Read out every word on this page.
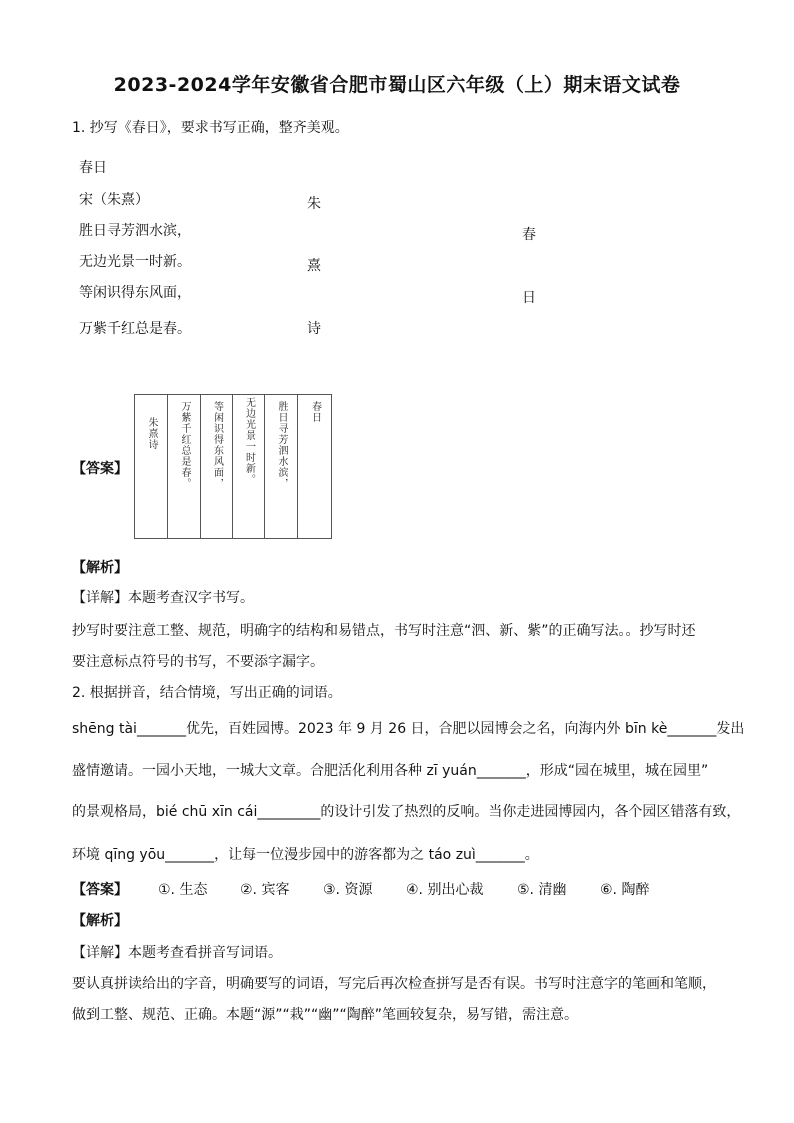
2023-2024学年安徽省合肥市蜀山区六年级（上）期末语文试卷
1. 抄写《春日》，要求书写正确，整齐美观。
春日
宋（朱熹）
胜日寻芳泗水滨，
无边光景一时新。
等闲识得东风面，
万紫千红总是春。
朱
熹
诗
春
日
【答案】
朱熹诗 万紫千红总是春。 等闲识得东风面， 无边光景一时新。 胜日寻芳泗水滨， 春日
【解析】
【详解】本题考查汉字书写。
抄写时要注意工整、规范，明确字的结构和易错点，书写时注意“泗、新、紫”的正确写法。。抄写时还
要注意标点符号的书写，不要添字漏字。
2. 根据拼音，结合情境，写出正确的词语。
shēng tài_______优先，百姓园博。2023 年 9 月 26 日，合肥以园博会之名，向海内外 bīn kè_______发出
盛情邀请。一园小天地，一城大文章。合肥活化利用各种 zī yuán_______，形成“园在城里，城在园里”
的景观格局，bié chū xīn cái_________的设计引发了热烈的反响。当你走进园博园内，各个园区错落有致，
环境 qīng yōu_______，让每一位漫步园中的游客都为之 táo zuì_______。
【答案】 ①. 生态 ②. 宾客 ③. 资源 ④. 别出心裁 ⑤. 清幽 ⑥. 陶醉
【解析】
【详解】本题考查看拼音写词语。
要认真拼读给出的字音，明确要写的词语，写完后再次检查拼写是否有误。书写时注意字的笔画和笔顺，
做到工整、规范、正确。本题“源”“栽”“幽”“陶醉”笔画较复杂，易写错，需注意。
